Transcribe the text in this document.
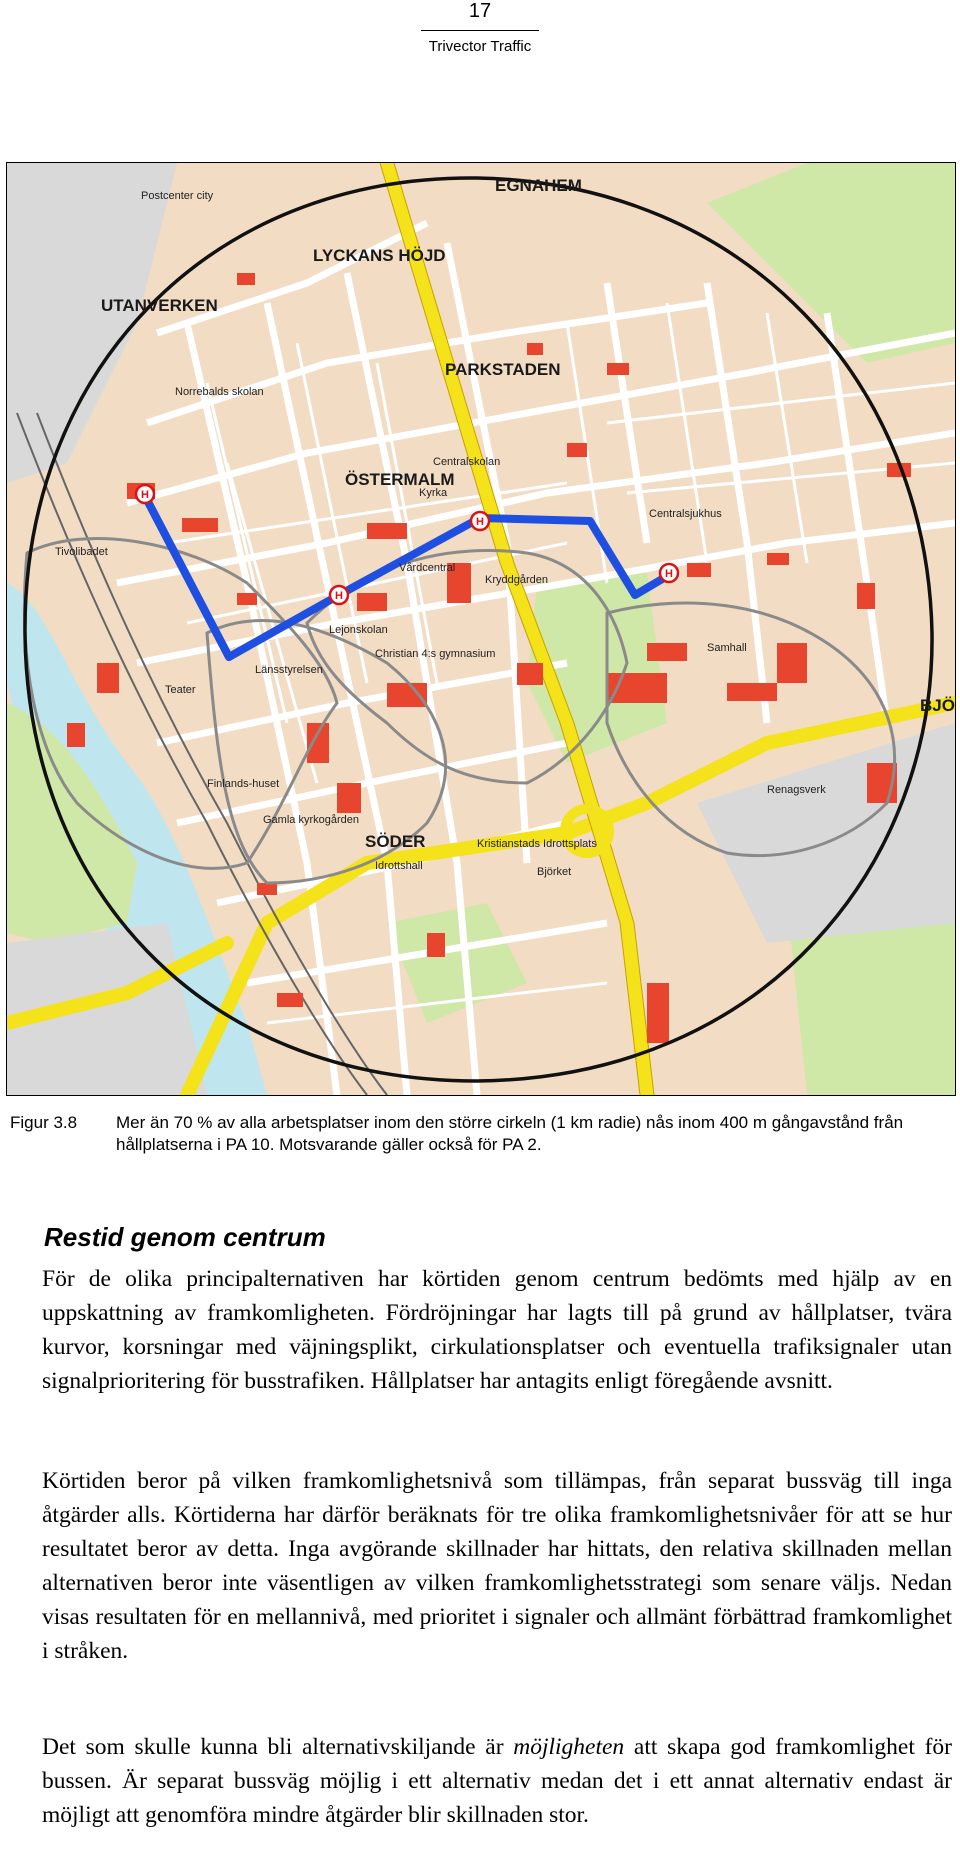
17
Trivector Traffic
H
H
H
H
LYCKANS HÖJD
UTANVERKEN
PARKSTADEN
ÖSTERMALM
SÖDER
EGNAHEM
BJÖ
Postcenter city
Norrebalds skolan
Centralskolan
Vårdcentral
Centralsjukhus
Länsstyrelsen
Christian 4:s gymnasium
Kristianstads Idrottsplats
Samhall
Teater
Tivolibadet
Lejonskolan
Kyrka
Finlands-huset
Gamla kyrkogården
Idrottshall	Björket
Renagsverk
Kryddgården
Figur 3.8 Mer än 70 % av alla arbetsplatser inom den större cirkeln (1 km radie) nås inom 400 m gångavstånd från hållplatserna i PA 10. Motsvarande gäller också för PA 2.
Restid genom centrum
För de olika principalternativen har körtiden genom centrum bedömts med hjälp av en uppskattning av framkomligheten. Fördröjningar har lagts till på grund av hållplatser, tvära kurvor, korsningar med väjningsplikt, cirkulationsplatser och eventuella trafiksignaler utan signalprioritering för busstrafiken. Hållplatser har antagits enligt föregående avsnitt.
Körtiden beror på vilken framkomlighetsnivå som tillämpas, från separat bussväg till inga åtgärder alls. Körtiderna har därför beräknats för tre olika framkomlighetsnivåer för att se hur resultatet beror av detta. Inga avgörande skillnader har hittats, den relativa skillnaden mellan alternativen beror inte väsentligen av vilken framkomlighetsstrategi som senare väljs. Nedan visas resultaten för en mellannivå, med prioritet i signaler och allmänt förbättrad framkomlighet i stråken.
Det som skulle kunna bli alternativskiljande är möjligheten att skapa god framkomlighet för bussen. Är separat bussväg möjlig i ett alternativ medan det i ett annat alternativ endast är möjligt att genomföra mindre åtgärder blir skillnaden stor.
